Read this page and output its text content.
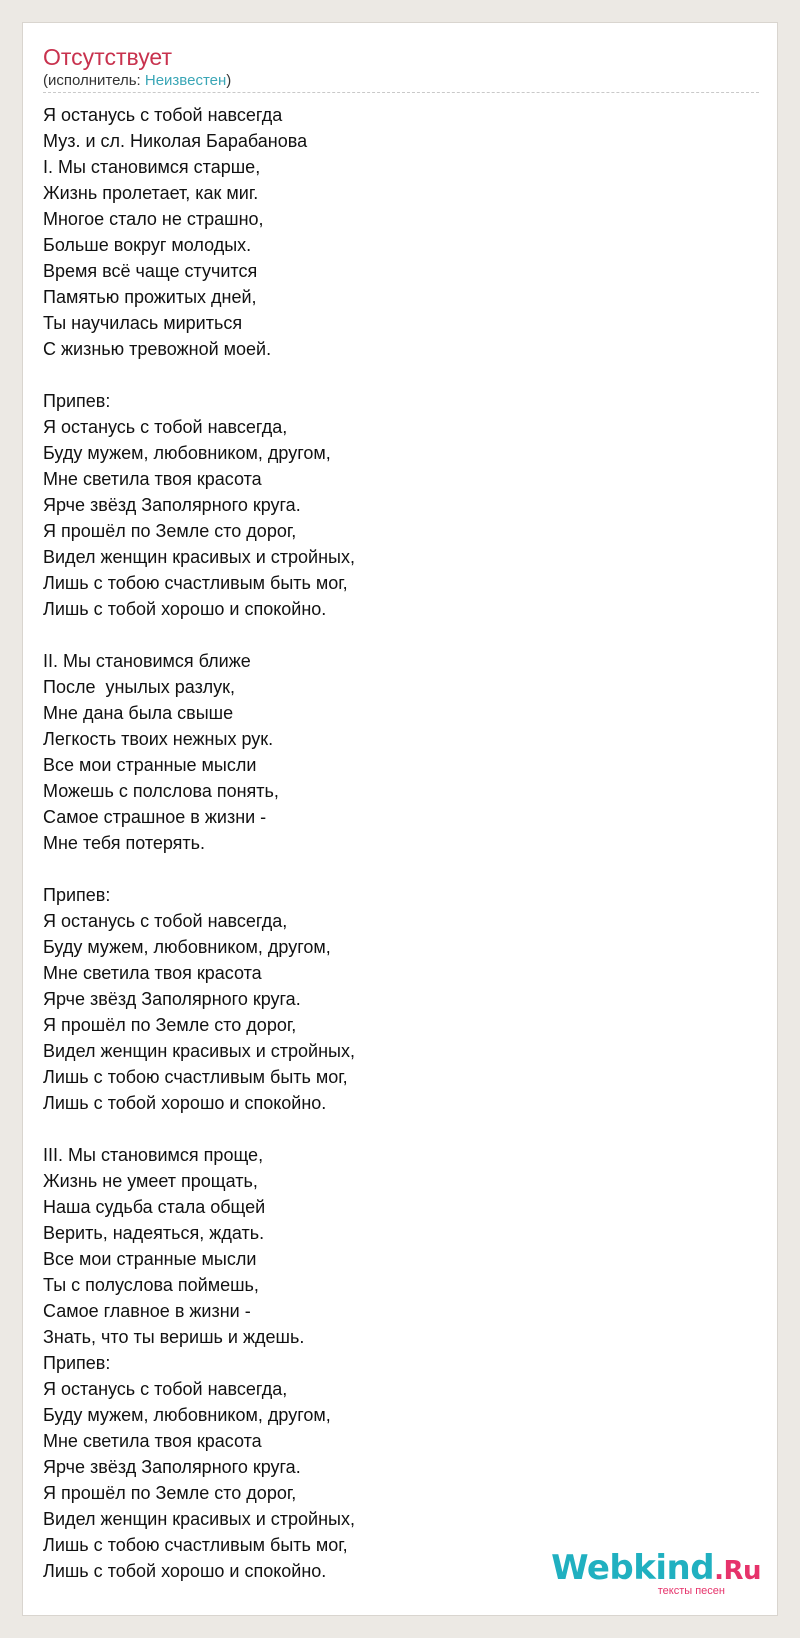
Отсутствует
(исполнитель: Неизвестен)
Я останусь с тобой навсегда
Муз. и сл. Николая Барабанова
I. Мы становимся старше,
Жизнь пролетает, как миг.
Многое стало не страшно,
Больше вокруг молодых.
Время всё чаще стучится
Памятью прожитых дней,
Ты научилась мириться
С жизнью тревожной моей.
Припев:
Я останусь с тобой навсегда,
Буду мужем, любовником, другом,
Мне светила твоя красота
Ярче звёзд Заполярного круга.
Я прошёл по Земле сто дорог,
Видел женщин красивых и стройных,
Лишь с тобою счастливым быть мог,
Лишь с тобой хорошо и спокойно.
II. Мы становимся ближе
После  унылых разлук,
Мне дана была свыше
Легкость твоих нежных рук.
Все мои странные мысли
Можешь с полслова понять,
Самое страшное в жизни -
Мне тебя потерять.
Припев:
Я останусь с тобой навсегда,
Буду мужем, любовником, другом,
Мне светила твоя красота
Ярче звёзд Заполярного круга.
Я прошёл по Земле сто дорог,
Видел женщин красивых и стройных,
Лишь с тобою счастливым быть мог,
Лишь с тобой хорошо и спокойно.
III. Мы становимся проще,
Жизнь не умеет прощать,
Наша судьба стала общей
Верить, надеяться, ждать.
Все мои странные мысли
Ты с полуслова поймешь,
Самое главное в жизни -
Знать, что ты веришь и ждешь.
Припев:
Я останусь с тобой навсегда,
Буду мужем, любовником, другом,
Мне светила твоя красота
Ярче звёзд Заполярного круга.
Я прошёл по Земле сто дорог,
Видел женщин красивых и стройных,
Лишь с тобою счастливым быть мог,
Лишь с тобой хорошо и спокойно.	Webkind.Ru
тексты песен
